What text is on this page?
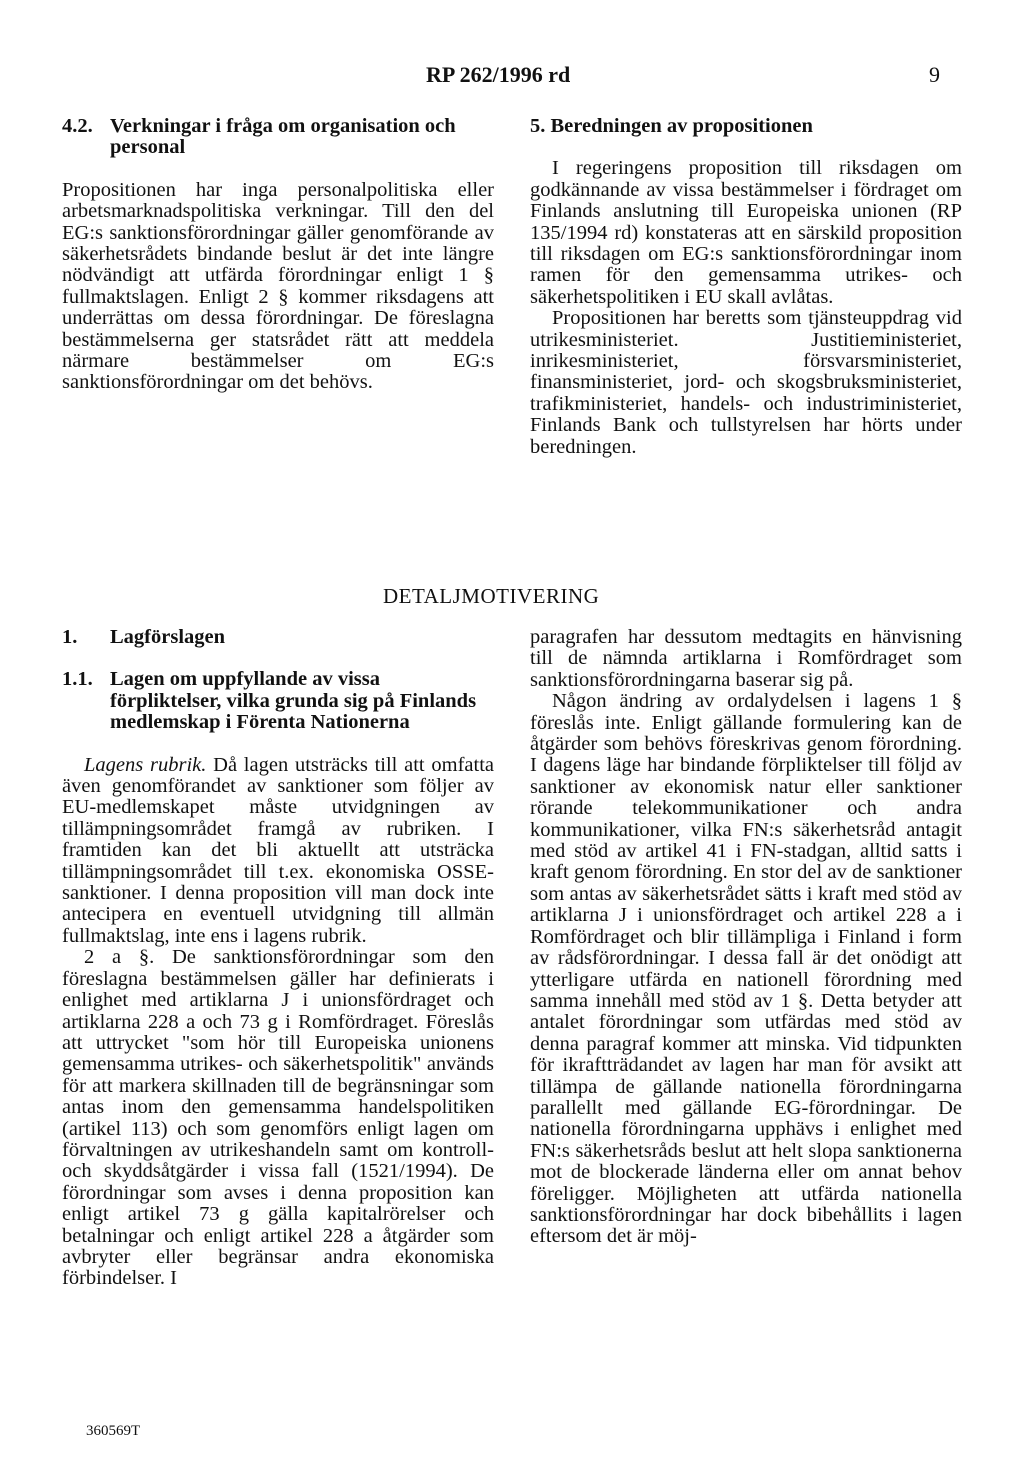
RP 262/1996 rd	9
4.2. Verkningar i fråga om organisation och personal

Propositionen har inga personalpolitiska eller arbetsmarknadspolitiska verkningar. Till den del EG:s sanktionsförordningar gäller genomförande av säkerhetsrådets bindande beslut är det inte längre nödvändigt att utfärda förordningar enligt 1 § fullmaktslagen. Enligt 2 § kommer riksdagens att underrättas om dessa förordningar. De föreslagna bestämmelserna ger statsrådet rätt att meddela närmare bestämmelser om EG:s sanktionsförordningar om det behövs.

5. Beredningen av propositionen

I regeringens proposition till riksdagen om godkännande av vissa bestämmelser i fördraget om Finlands anslutning till Europeiska unionen (RP 135/1994 rd) konstateras att en särskild proposition till riksdagen om EG:s sanktionsförordningar inom ramen för den gemensamma utrikes- och säkerhetspolitiken i EU skall avlåtas.

Propositionen har beretts som tjänsteuppdrag vid utrikesministeriet. Justitieministeriet, inrikesministeriet, försvarsministeriet, finansministeriet, jord- och skogsbruksministeriet, trafikministeriet, handels- och industriministeriet, Finlands Bank och tullstyrelsen har hörts under beredningen.

DETALJMOTIVERING
1.	Lagförslagen
1.1. Lagen om uppfyllande av vissa förpliktelser, vilka grunda sig på Finlands medlemskap i Förenta Nationerna

Lagens rubrik. Då lagen utsträcks till att omfatta även genomförandet av sanktioner som följer av EU-medlemskapet måste utvidgningen av tillämpningsområdet framgå av rubriken. I framtiden kan det bli aktuellt att utsträcka tillämpningsområdet till t.ex. ekonomiska OSSE-sanktioner. I denna proposition vill man dock inte antecipera en eventuell utvidgning till allmän fullmaktslag, inte ens i lagens rubrik.

2 a §. De sanktionsförordningar som den föreslagna bestämmelsen gäller har definierats i enlighet med artiklarna J i unionsfördraget och artiklarna 228 a och 73 g i Romfördraget. Föreslås att uttrycket "som hör till Europeiska unionens gemensamma utrikes- och säkerhetspolitik" används för att markera skillnaden till de begränsningar som antas inom den gemensamma handelspolitiken (artikel 113) och som genomförs enligt lagen om förvaltningen av utrikeshandeln samt om kontroll- och skyddsåtgärder i vissa fall (1521/1994). De förordningar som avses i denna proposition kan enligt artikel 73 g gälla kapitalrörelser och betalningar och enligt artikel 228 a åtgärder som avbryter eller begränsar andra ekonomiska förbindelser. I

paragrafen har dessutom medtagits en hänvisning till de nämnda artiklarna i Romfördraget som sanktionsförordningarna baserar sig på.

Någon ändring av ordalydelsen i lagens 1 § föreslås inte. Enligt gällande formulering kan de åtgärder som behövs föreskrivas genom förordning. I dagens läge har bindande förpliktelser till följd av sanktioner av ekonomisk natur eller sanktioner rörande telekommunikationer och andra kommunikationer, vilka FN:s säkerhetsråd antagit med stöd av artikel 41 i FN-stadgan, alltid satts i kraft genom förordning. En stor del av de sanktioner som antas av säkerhetsrådet sätts i kraft med stöd av artiklarna J i unionsfördraget och artikel 228 a i Romfördraget och blir tillämpliga i Finland i form av rådsförordningar. I dessa fall är det onödigt att ytterligare utfärda en nationell förordning med samma innehåll med stöd av 1 §. Detta betyder att antalet förordningar som utfärdas med stöd av denna paragraf kommer att minska. Vid tidpunkten för ikraftträdandet av lagen har man för avsikt att tillämpa de gällande nationella förordningarna parallellt med gällande EG-förordningar. De nationella förordningarna upphävs i enlighet med FN:s säkerhetsråds beslut att helt slopa sanktionerna mot de blockerade länderna eller om annat behov föreligger. Möjligheten att utfärda nationella sanktionsförordningar har dock bibehållits i lagen eftersom det är möj-

360569T
